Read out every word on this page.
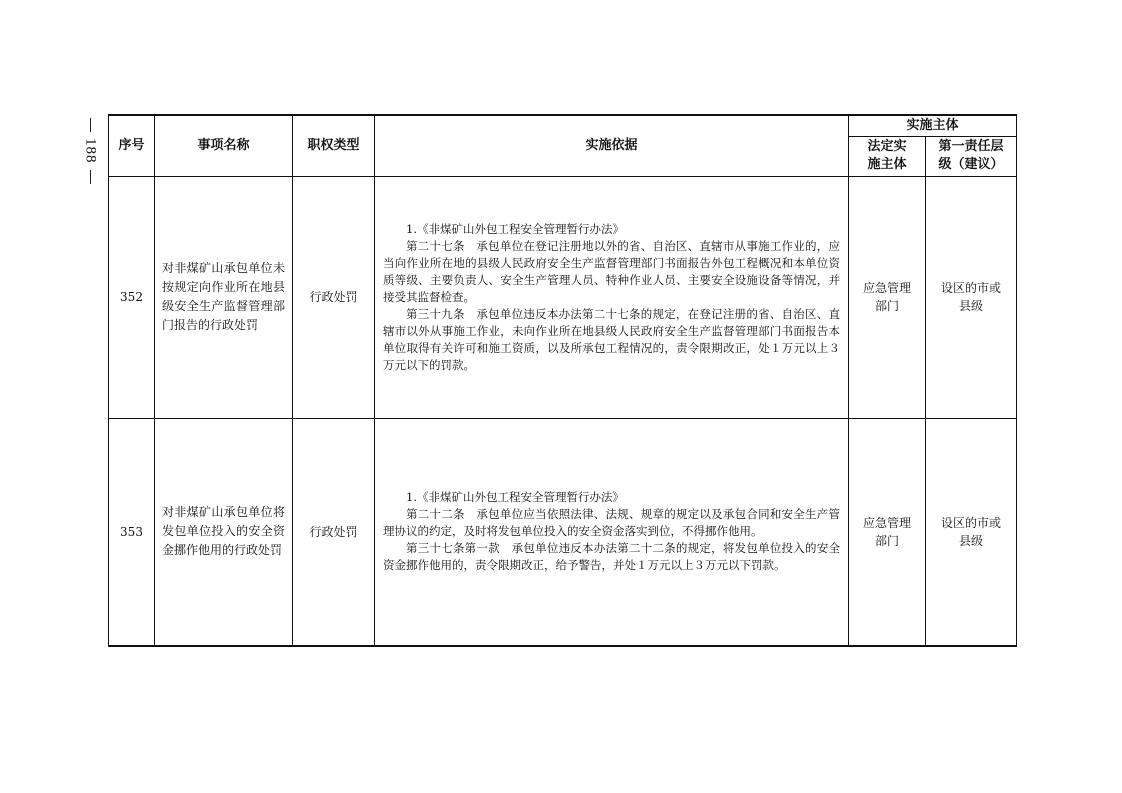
188 序号	事项名称	职权类型	实施依据	实施主体	
				法定实施主体	第一责任层级（建议）
352	对非煤矿山承包单位未按规定向作业所在地县级安全生产监督管理部门报告的行政处罚	行政处罚	1.《非煤矿山外包工程安全管理暂行办法》

第二十七条　承包单位在登记注册地以外的省、自治区、直辖市从事施工作业的，应当向作业所在地的县级人民政府安全生产监督管理部门书面报告外包工程概况和本单位资质等级、主要负责人、安全生产管理人员、特种作业人员、主要安全设施设备等情况，并接受其监督检查。

第三十九条　承包单位违反本办法第二十七条的规定，在登记注册的省、自治区、直辖市以外从事施工作业，未向作业所在地县级人民政府安全生产监督管理部门书面报告本单位取得有关许可和施工资质，以及所承包工程情况的，责令限期改正，处１万元以上３万元以下的罚款。	应急管理部门	设区的市或县级
353	对非煤矿山承包单位将发包单位投入的安全资金挪作他用的行政处罚	行政处罚	1.《非煤矿山外包工程安全管理暂行办法》

第二十二条　承包单位应当依照法律、法规、规章的规定以及承包合同和安全生产管理协议的约定，及时将发包单位投入的安全资金落实到位，不得挪作他用。

第三十七条第一款　承包单位违反本办法第二十二条的规定，将发包单位投入的安全资金挪作他用的，责令限期改正，给予警告，并处１万元以上３万元以下罚款。	应急管理部门	设区的市或县级
